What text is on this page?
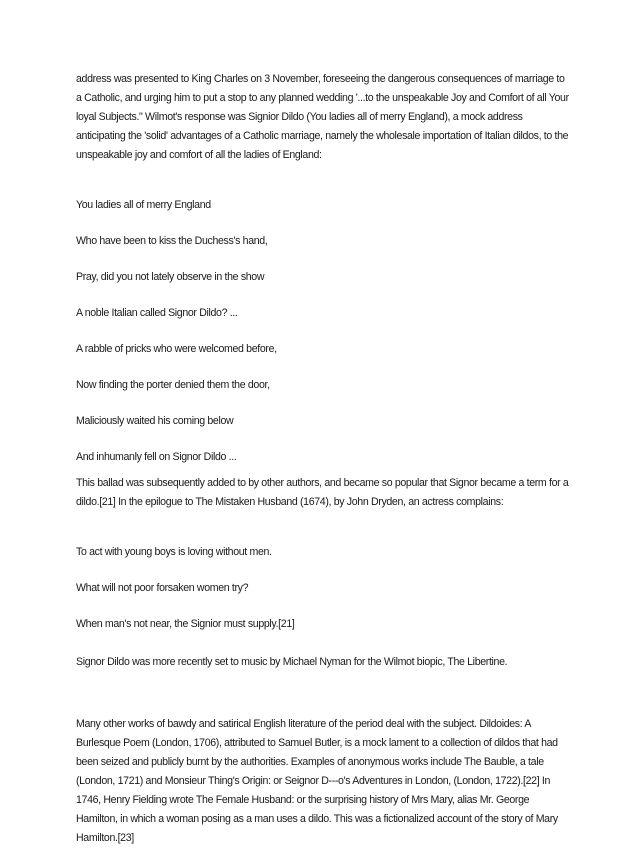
address was presented to King Charles on 3 November, foreseeing the dangerous consequences of marriage to a Catholic, and urging him to put a stop to any planned wedding '...to the unspeakable Joy and Comfort of all Your loyal Subjects." Wilmot's response was Signior Dildo (You ladies all of merry England), a mock address anticipating the 'solid' advantages of a Catholic marriage, namely the wholesale importation of Italian dildos, to the unspeakable joy and comfort of all the ladies of England:

You ladies all of merry England

Who have been to kiss the Duchess's hand,

Pray, did you not lately observe in the show

A noble Italian called Signor Dildo? ...

A rabble of pricks who were welcomed before,

Now finding the porter denied them the door,

Maliciously waited his coming below

And inhumanly fell on Signor Dildo ...

This ballad was subsequently added to by other authors, and became so popular that Signor became a term for a dildo.[21] In the epilogue to The Mistaken Husband (1674), by John Dryden, an actress complains:

To act with young boys is loving without men.

What will not poor forsaken women try?

When man's not near, the Signior must supply.[21]

Signor Dildo was more recently set to music by Michael Nyman for the Wilmot biopic, The Libertine.

Many other works of bawdy and satirical English literature of the period deal with the subject. Dildoides: A Burlesque Poem (London, 1706), attributed to Samuel Butler, is a mock lament to a collection of dildos that had been seized and publicly burnt by the authorities. Examples of anonymous works include The Bauble, a tale (London, 1721) and Monsieur Thing's Origin: or Seignor D---o's Adventures in London, (London, 1722).[22] In 1746, Henry Fielding wrote The Female Husband: or the surprising history of Mrs Mary, alias Mr. George Hamilton, in which a woman posing as a man uses a dildo. This was a fictionalized account of the story of Mary Hamilton.[23]
